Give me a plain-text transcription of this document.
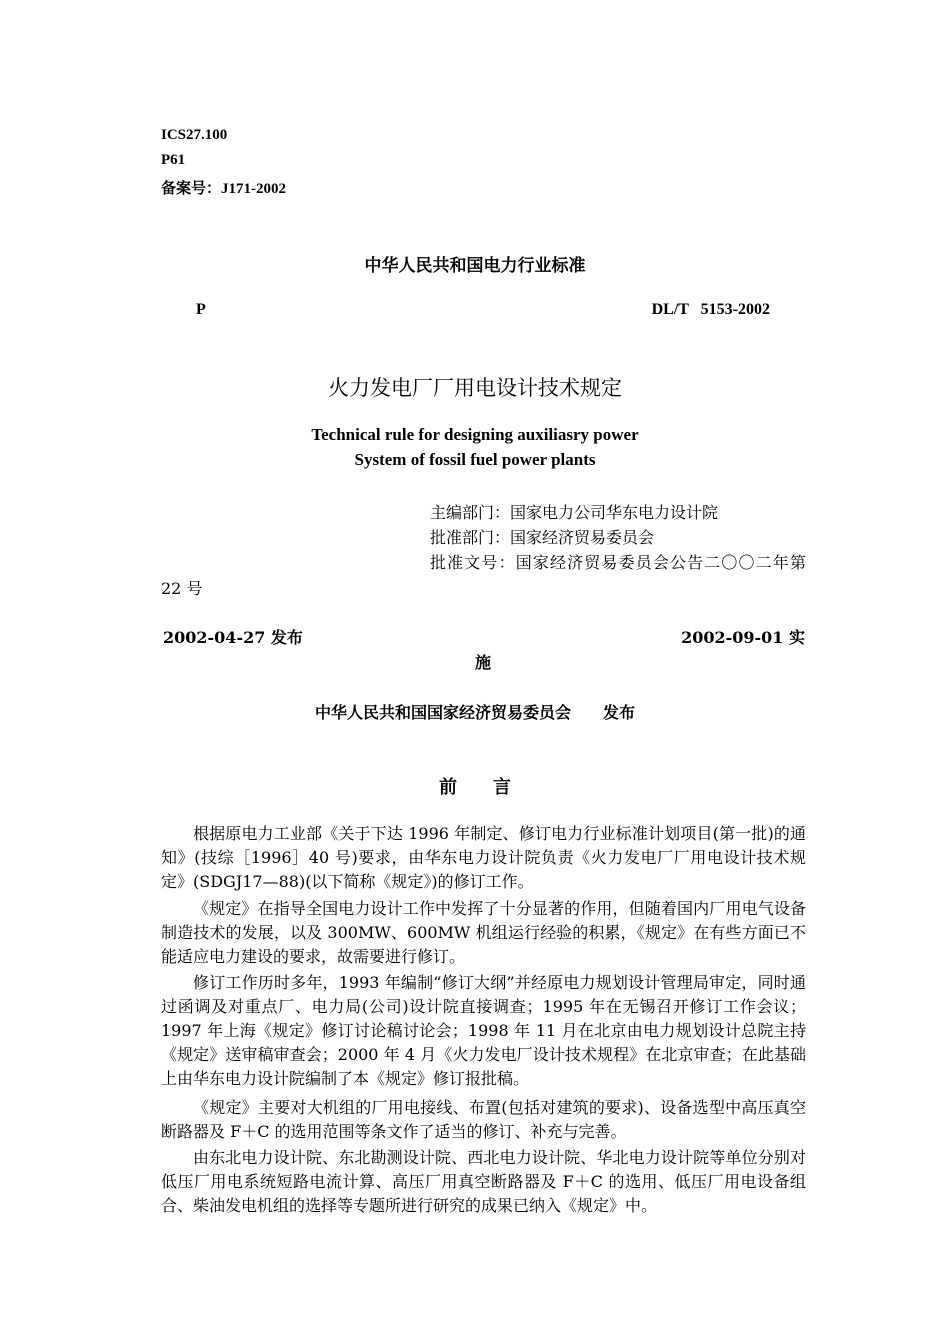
ICS27.100
P61
备案号：J171-2002
中华人民共和国电力行业标准
P	DL/T   5153-2002
火力发电厂厂用电设计技术规定
Technical rule for designing auxiliasry power
System of fossil fuel power plants
主编部门：国家电力公司华东电力设计院
批准部门：国家经济贸易委员会
批准文号：国家经济贸易委员会公告二〇〇二年第
22 号
2002-04-27 发布	2002-09-01 实
施
中华人民共和国国家经济贸易委员会　　发布
前　　言
根据原电力工业部《关于下达 1996 年制定、修订电力行业标准计划项目(第一批)的通知》(技综［1996］40 号)要求，由华东电力设计院负责《火力发电厂厂用电设计技术规定》(SDGJ17—88)(以下简称《规定》)的修订工作。
《规定》在指导全国电力设计工作中发挥了十分显著的作用，但随着国内厂用电气设备制造技术的发展，以及 300MW、600MW 机组运行经验的积累，《规定》在有些方面已不能适应电力建设的要求，故需要进行修订。
修订工作历时多年，1993 年编制“修订大纲”并经原电力规划设计管理局审定，同时通过函调及对重点厂、电力局(公司)设计院直接调查；1995 年在无锡召开修订工作会议；1997 年上海《规定》修订讨论稿讨论会；1998 年 11 月在北京由电力规划设计总院主持《规定》送审稿审查会；2000 年 4 月《火力发电厂设计技术规程》在北京审查；在此基础上由华东电力设计院编制了本《规定》修订报批稿。
《规定》主要对大机组的厂用电接线、布置(包括对建筑的要求)、设备选型中高压真空断路器及 F＋C 的选用范围等条文作了适当的修订、补充与完善。
由东北电力设计院、东北勘测设计院、西北电力设计院、华北电力设计院等单位分别对低压厂用电系统短路电流计算、高压厂用真空断路器及 F＋C 的选用、低压厂用电设备组合、柴油发电机组的选择等专题所进行研究的成果已纳入《规定》中。
